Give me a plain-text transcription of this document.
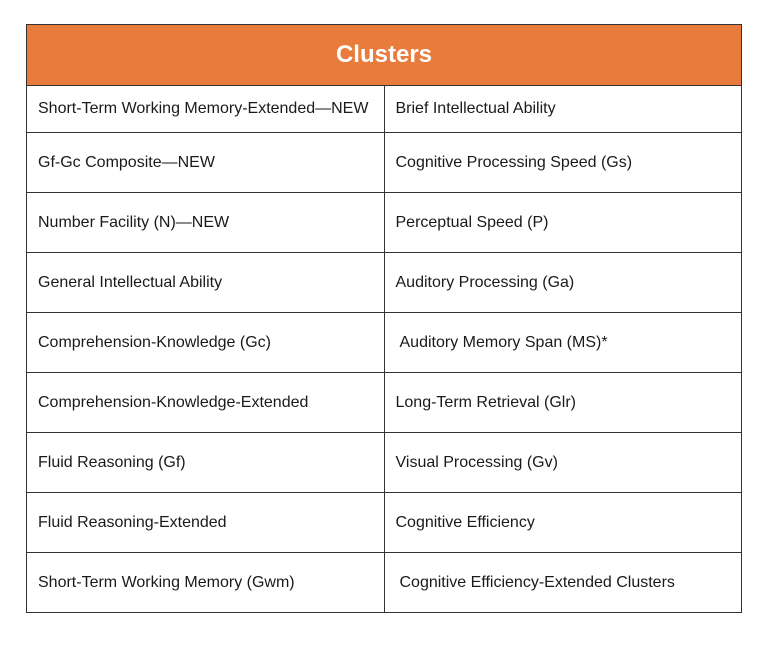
Clusters	
Short-Term Working Memory-Extended—NEW	Brief Intellectual Ability
Gf-Gc Composite—NEW	Cognitive Processing Speed (Gs)
Number Facility (N)—NEW	Perceptual Speed (P)
General Intellectual Ability	Auditory Processing (Ga)
Comprehension-Knowledge (Gc)	Auditory Memory Span (MS)*
Comprehension-Knowledge-Extended	Long-Term Retrieval (Glr)
Fluid Reasoning (Gf)	Visual Processing (Gv)
Fluid Reasoning-Extended	Cognitive Efficiency
Short-Term Working Memory (Gwm)	Cognitive Efficiency-Extended Clusters
